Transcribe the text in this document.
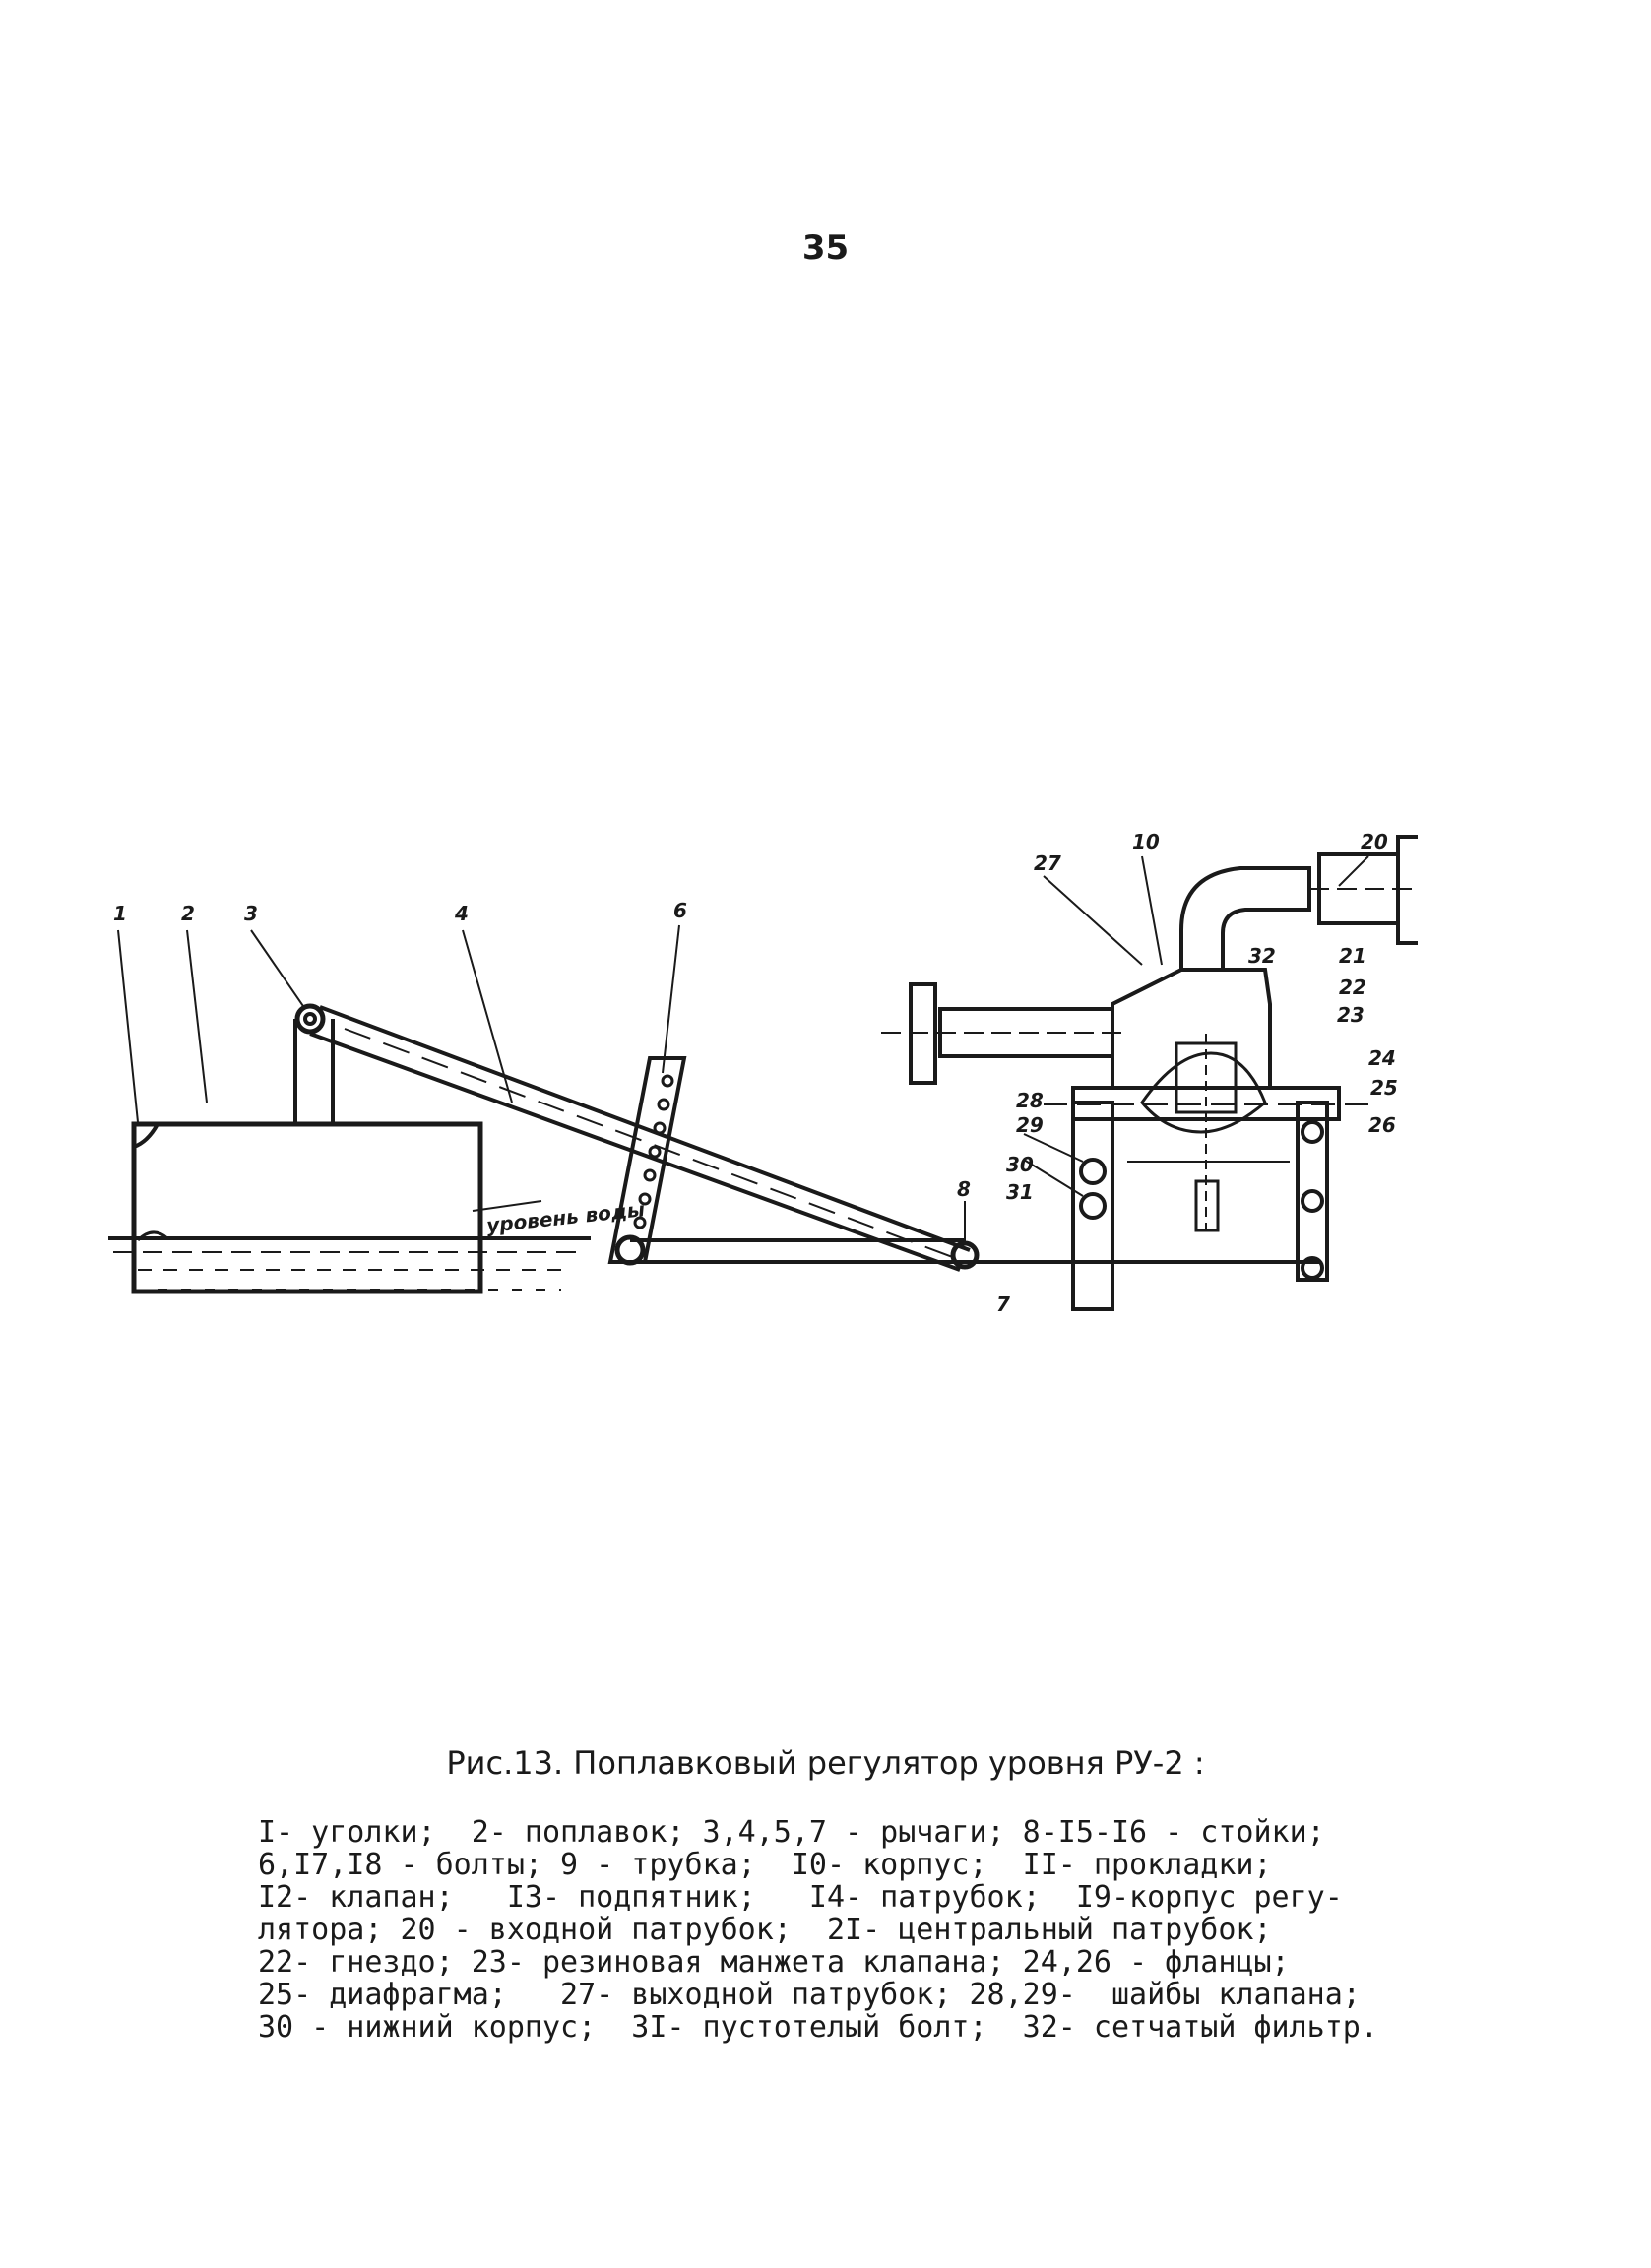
35
1	2	3	4	6
8
7
10	20
27
32	21
22
23
24
25
26
28
29
30
31
уровень воды
Рис.13. Поплавковый регулятор уровня РУ-2 :
I- уголки;  2- поплавок; 3,4,5,7 - рычаги; 8-I5-I6 - стойки;
6,I7,I8 - болты; 9 - трубка;  I0- корпус;  II- прокладки;
I2- клапан;   I3- подпятник;   I4- патрубок;  I9-корпус регу-
лятора; 20 - входной патрубок;  2I- центральный патрубок;
22- гнездо; 23- резиновая манжета клапана; 24,26 - фланцы;
25- диафрагма;   27- выходной патрубок; 28,29-  шайбы клапана;
30 - нижний корпус;  3I- пустотелый болт;  32- сетчатый фильтр.
